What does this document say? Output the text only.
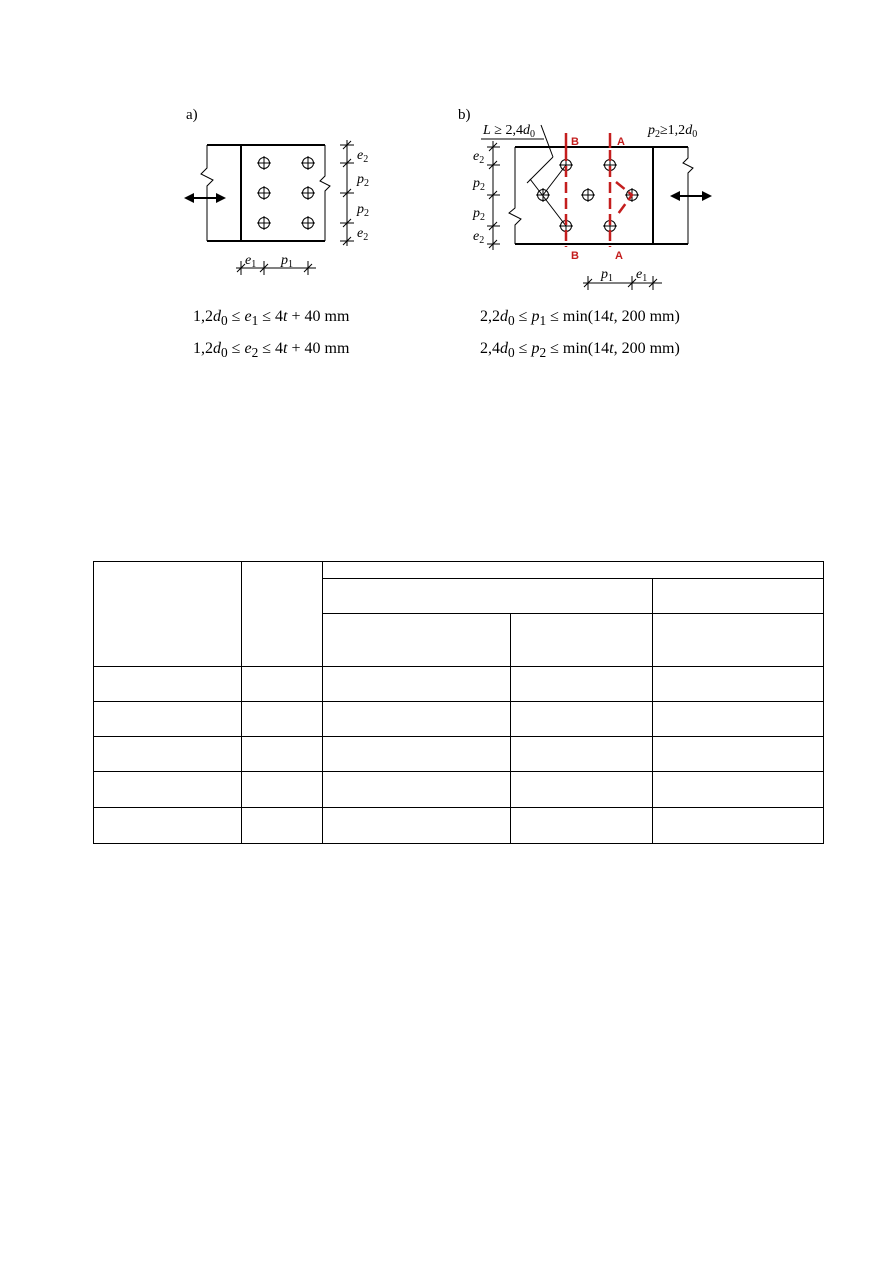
a)	b)
$e_2$
$p_2$
$p_2$
$e_2$
$e_1$ $p_1$
B	A
B	A
$e_2$
$p_2$
$p_2$
$e_2$
$p_1$ $e_1$
$L \ge 2,4d_0$	$p_2\ge 1,2d_0$
$1,2d_0 \le e_1 \le 4t + 40$ mm
$1,2d_0 \le e_2 \le 4t + 40$ mm
$2,2d_0 \le p_1 \le \min(14t$, 200 mm)
$2,4d_0 \le p_2 \le \min(14t$, 200 mm)
